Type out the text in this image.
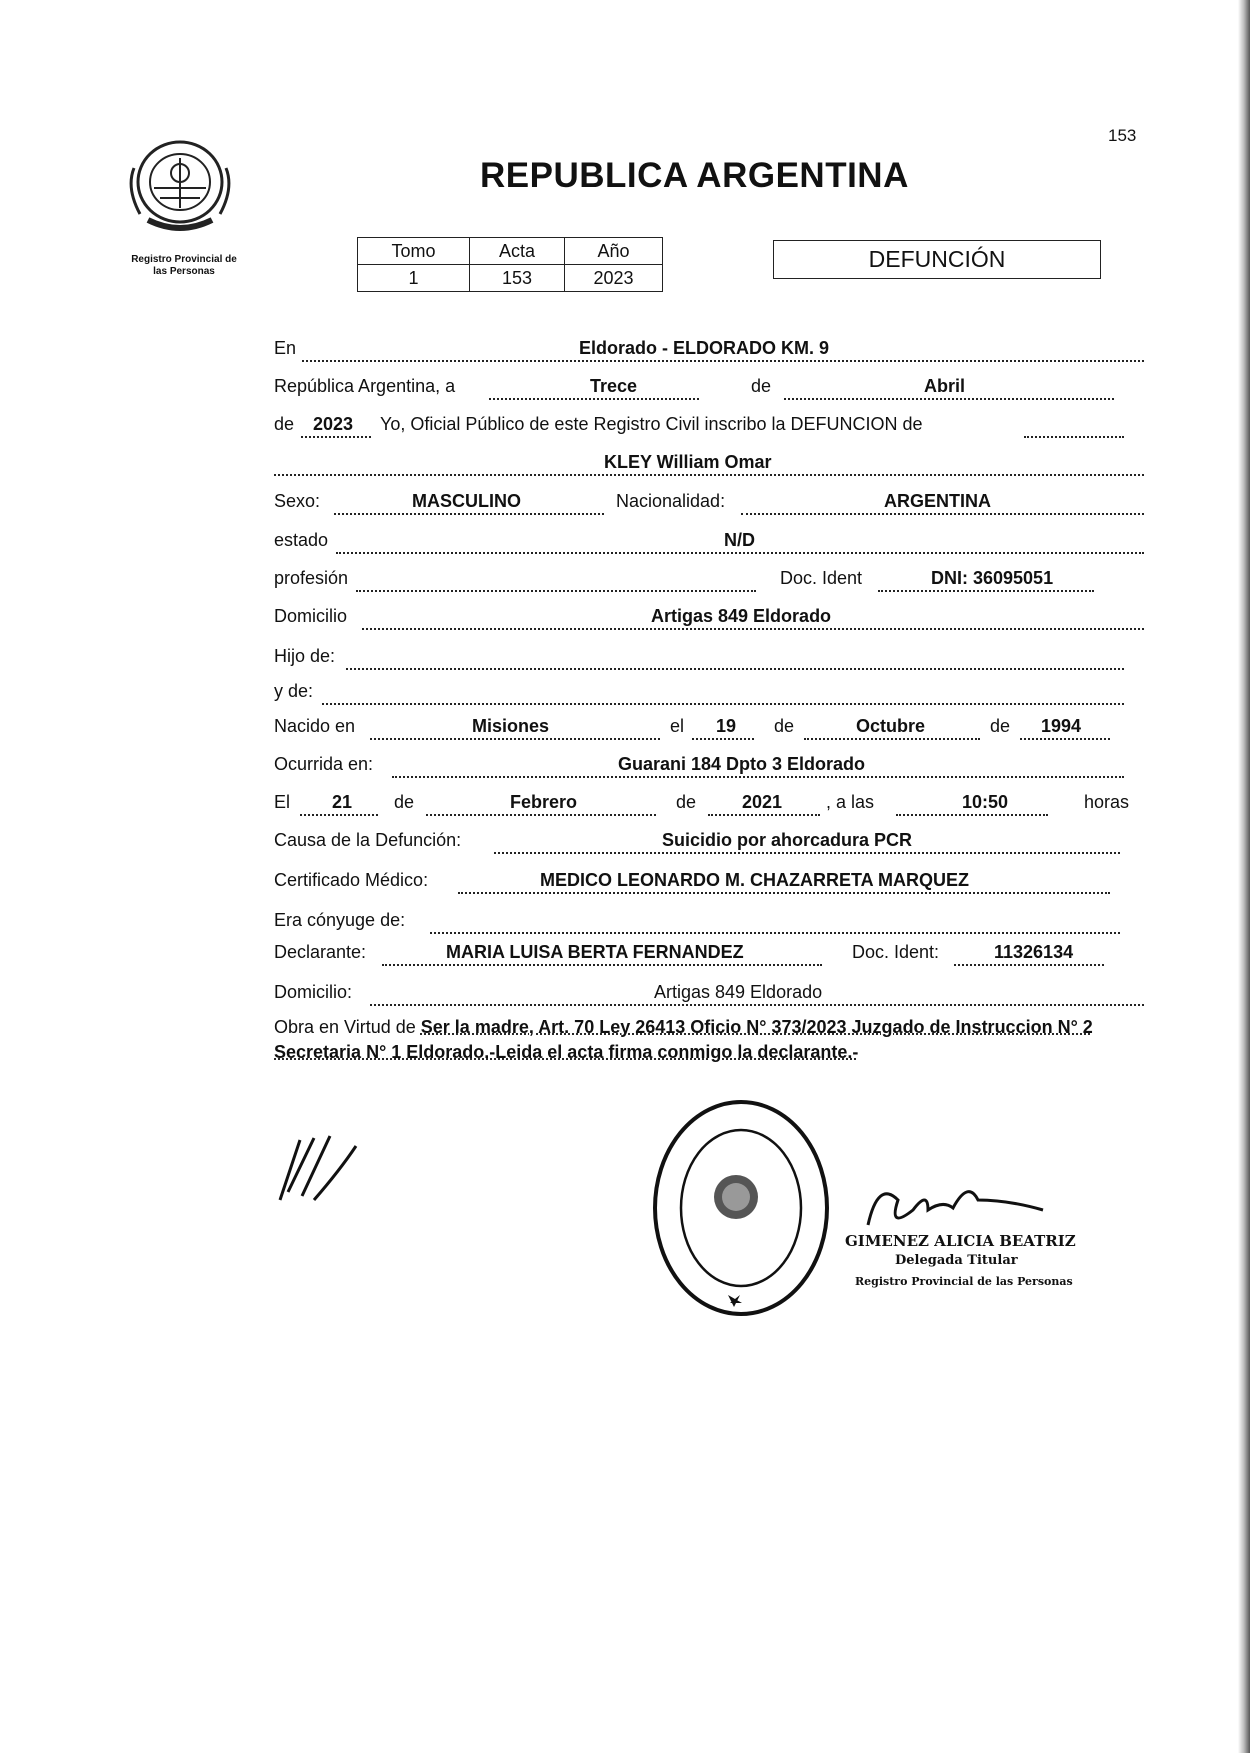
153
Registro Provincial de
las Personas
REPUBLICA ARGENTINA
Tomo	Acta	Año
1	153	2023
DEFUNCIÓN
En	Eldorado - ELDORADO KM. 9
República Argentina, a	Trece	de	Abril
de 2023 Yo, Oficial Público de este Registro Civil inscribo la DEFUNCION de
KLEY William Omar
Sexo:	MASCULINO	Nacionalidad:	ARGENTINA
estado	N/D
profesión	Doc. Ident	DNI: 36095051
Domicilio	Artigas 849 Eldorado
Hijo de:
y de:
Nacido en	Misiones	el 19 de	Octubre	de 1994
Ocurrida en:	Guarani 184 Dpto 3 Eldorado
El 21 de	Febrero	de	2021 , a las	10:50	horas
Causa de la Defunción:	Suicidio por ahorcadura PCR
Certificado Médico:	MEDICO LEONARDO M. CHAZARRETA MARQUEZ
Era cónyuge de:
Declarante:	MARIA LUISA BERTA FERNANDEZ	Doc. Ident:	11326134
Domicilio:	Artigas 849 Eldorado
Obra en Virtud de Ser la madre, Art. 70 Ley 26413 Oficio N° 373/2023 Juzgado de Instruccion N° 2 Secretaria N° 1 Eldorado.-Leida el acta firma conmigo la declarante.-
GIMENEZ ALICIA BEATRIZ
Delegada Titular
Registro Provincial de las Personas
